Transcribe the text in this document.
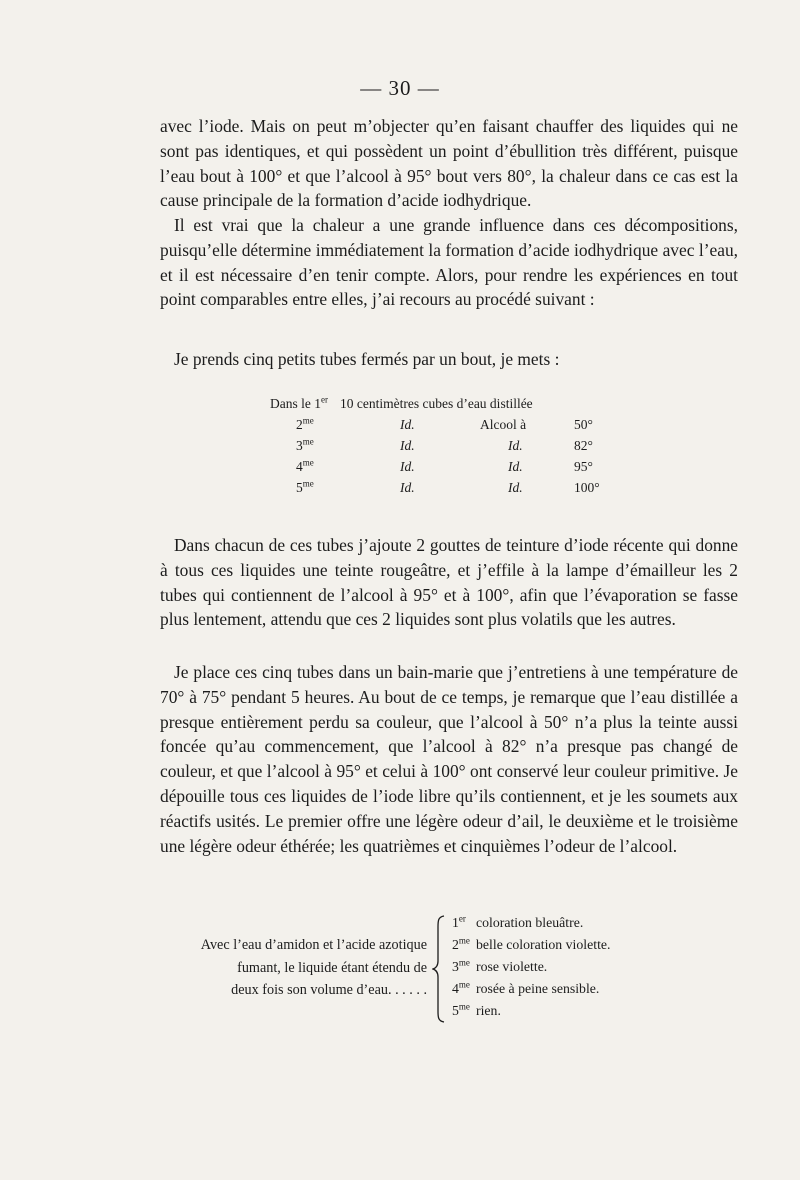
— 30 —

avec l’iode. Mais on peut m’objecter qu’en faisant chauffer des liquides qui ne sont pas identiques, et qui possèdent un point d’ébullition très différent, puisque l’eau bout à 100° et que l’alcool à 95° bout vers 80°, la chaleur dans ce cas est la cause principale de la formation d’acide iodhydrique.

Il est vrai que la chaleur a une grande influence dans ces décompositions, puisqu’elle détermine immédiatement la formation d’acide iodhydrique avec l’eau, et il est nécessaire d’en tenir compte. Alors, pour rendre les expériences en tout point comparables entre elles, j’ai recours au procédé suivant :

Je prends cinq petits tubes fermés par un bout, je mets :

Dans le 1er 10 centimètres cubes d’eau distillée
$2^{me}$	Id.	Alcool à	50°
$3^{me}$	Id.	Id.	82°
$4^{me}$	Id.	Id.	95°
$5^{me}$	Id.	Id.	100°

Dans chacun de ces tubes j’ajoute 2 gouttes de teinture d’iode récente qui donne à tous ces liquides une teinte rougeâtre, et j’effile à la lampe d’émailleur les 2 tubes qui contiennent de l’alcool à 95° et à 100°, afin que l’évaporation se fasse plus lentement, attendu que ces 2 liquides sont plus volatils que les autres.

Je place ces cinq tubes dans un bain-marie que j’entretiens à une température de 70° à 75° pendant 5 heures. Au bout de ce temps, je remarque que l’eau distillée a presque entièrement perdu sa couleur, que l’alcool à 50° n’a plus la teinte aussi foncée qu’au commencement, que l’alcool à 82° n’a presque pas changé de couleur, et que l’alcool à 95° et celui à 100° ont conservé leur couleur primitive. Je dépouille tous ces liquides de l’iode libre qu’ils contiennent, et je les soumets aux réactifs usités. Le premier offre une légère odeur d’ail, le deuxième et le troisième une légère odeur éthérée; les quatrièmes et cinquièmes l’odeur de l’alcool.

Avec l’eau d’amidon et l’acide azotique
fumant, le liquide étant étendu de
deux fois son volume d’eau. . . . . .
1er coloration bleuâtre.
$2^{me}$ belle coloration violette.
$3^{me}$ rose violette.
$4^{me}$ rosée à peine sensible.
$5^{me}$ rien.
